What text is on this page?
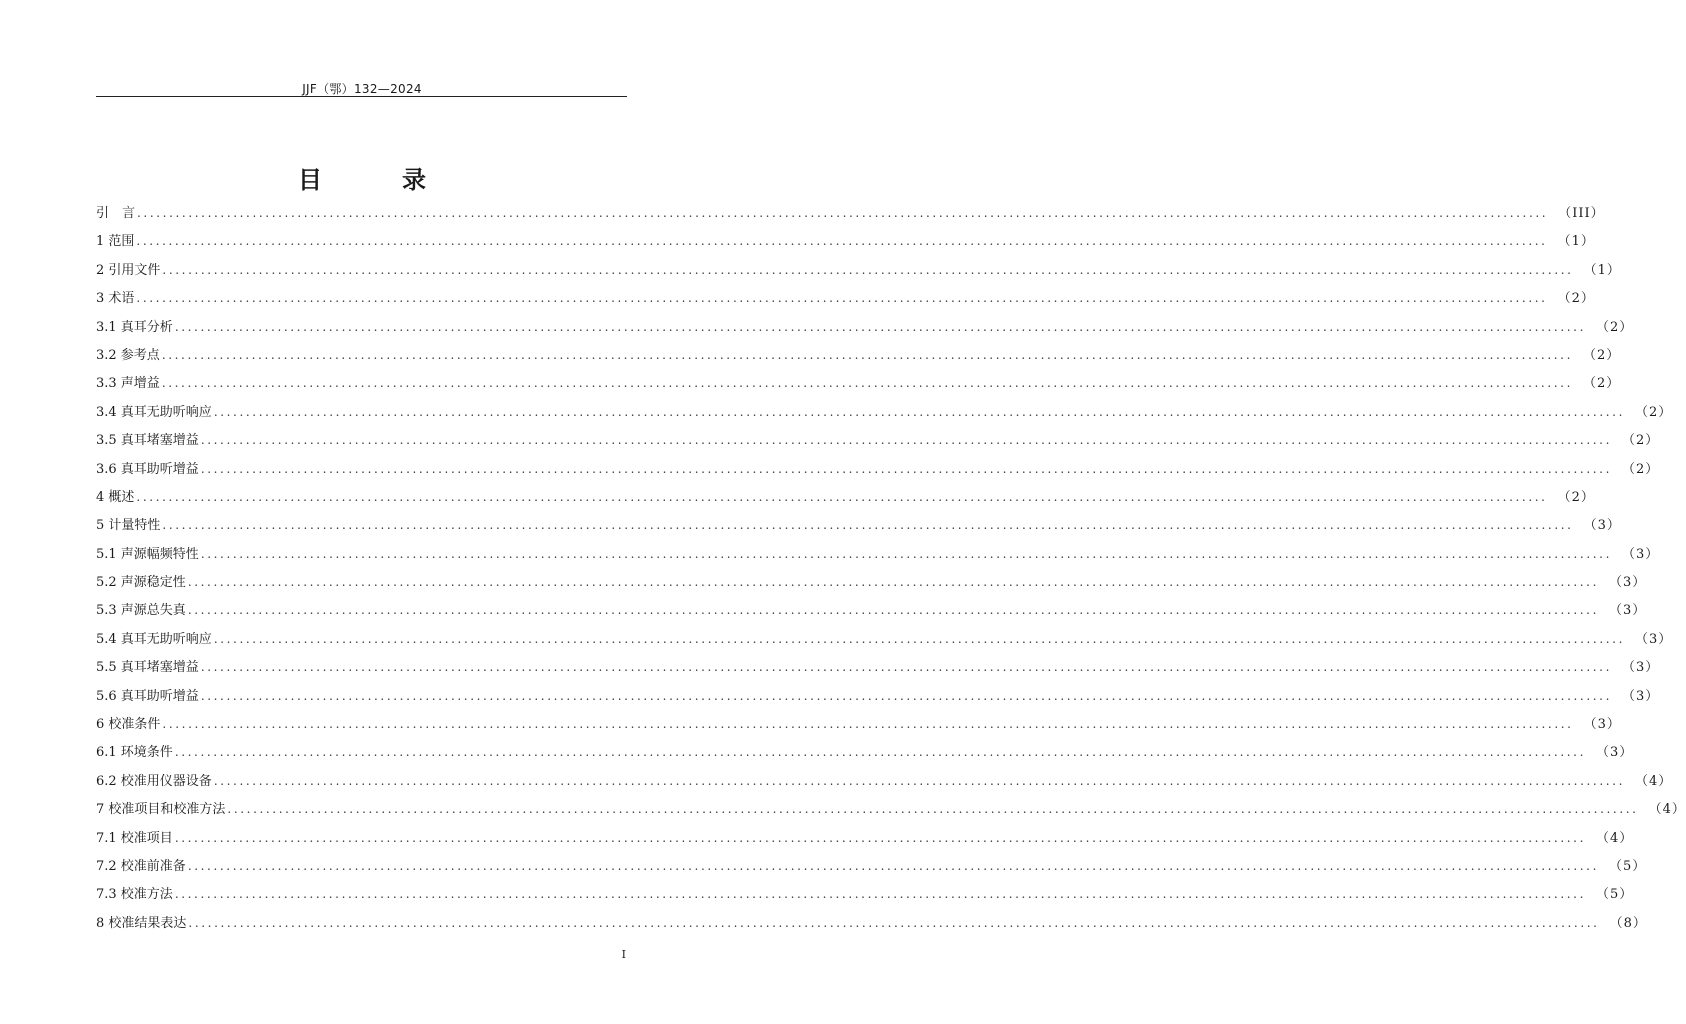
JJF（鄂）132—2024
目　录
引　言 ............................................................................................................................................................................................................................ （III）
1 范围 ............................................................................................................................................................................................................................ （1）
2 引用文件 ............................................................................................................................................................................................................................ （1）
3 术语 ............................................................................................................................................................................................................................ （2）
3.1 真耳分析 ............................................................................................................................................................................................................................ （2）
3.2 参考点 ............................................................................................................................................................................................................................ （2）
3.3 声增益 ............................................................................................................................................................................................................................ （2）
3.4 真耳无助听响应 ............................................................................................................................................................................................................................ （2）
3.5 真耳堵塞增益 ............................................................................................................................................................................................................................ （2）
3.6 真耳助听增益 ............................................................................................................................................................................................................................ （2）
4 概述 ............................................................................................................................................................................................................................ （2）
5 计量特性 ............................................................................................................................................................................................................................ （3）
5.1 声源幅频特性 ............................................................................................................................................................................................................................ （3）
5.2 声源稳定性 ............................................................................................................................................................................................................................ （3）
5.3 声源总失真 ............................................................................................................................................................................................................................ （3）
5.4 真耳无助听响应 ............................................................................................................................................................................................................................ （3）
5.5 真耳堵塞增益 ............................................................................................................................................................................................................................ （3）
5.6 真耳助听增益 ............................................................................................................................................................................................................................ （3）
6 校准条件 ............................................................................................................................................................................................................................ （3）
6.1 环境条件 ............................................................................................................................................................................................................................ （3）
6.2 校准用仪器设备 ............................................................................................................................................................................................................................ （4）
7 校准项目和校准方法 ............................................................................................................................................................................................................................ （4）
7.1 校准项目 ............................................................................................................................................................................................................................ （4）
7.2 校准前准备 ............................................................................................................................................................................................................................ （5）
7.3 校准方法 ............................................................................................................................................................................................................................ （5）
8 校准结果表达 ............................................................................................................................................................................................................................ （8）
I
